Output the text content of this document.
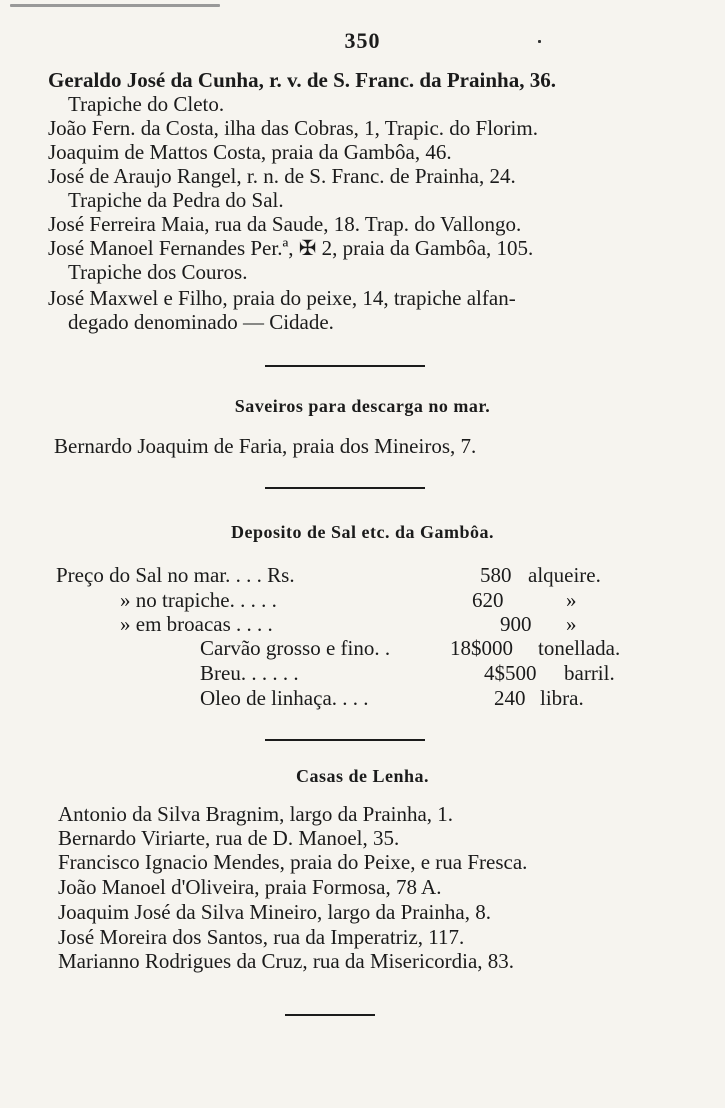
350

Geraldo José da Cunha, r. v. de S. Franc. da Prainha, 36.

Trapiche do Cleto.

João Fern. da Costa, ilha das Cobras, 1, Trapic. do Florim.

Joaquim de Mattos Costa, praia da Gambôa, 46.

José de Araujo Rangel, r. n. de S. Franc. de Prainha, 24.

Trapiche da Pedra do Sal.

José Ferreira Maia, rua da Saude, 18. Trap. do Vallongo.

José Manoel Fernandes Per.ª, ✠ 2, praia da Gambôa, 105.

Trapiche dos Couros.

José Maxwel e Filho, praia do peixe, 14, trapiche alfan-

degado denominado — Cidade.

Saveiros para descarga no mar.

Bernardo Joaquim de Faria, praia dos Mineiros, 7.

Deposito de Sal etc. da Gambôa.
Preço do Sal no mar. . . . Rs.	580 alqueire.
» no trapiche. . . . .	620	»
» em broacas . . . .	900 »
Carvão grosso e fino. .	18$000 tonellada.
Breu. . . . . .	4$500 barril.
Oleo de linhaça. . . .	240 libra.
Casas de Lenha.

Antonio da Silva Bragnim, largo da Prainha, 1.

Bernardo Viriarte, rua de D. Manoel, 35.

Francisco Ignacio Mendes, praia do Peixe, e rua Fresca.

João Manoel d'Oliveira, praia Formosa, 78 A.

Joaquim José da Silva Mineiro, largo da Prainha, 8.

José Moreira dos Santos, rua da Imperatriz, 117.

Marianno Rodrigues da Cruz, rua da Misericordia, 83.
